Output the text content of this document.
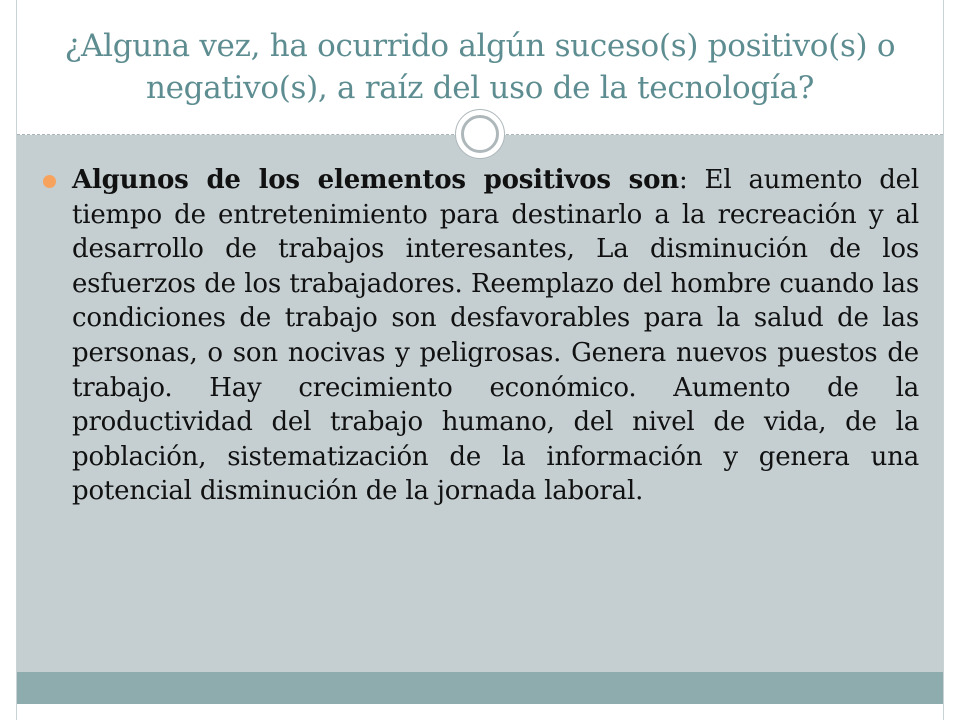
¿Alguna vez, ha ocurrido algún suceso(s) positivo(s) o negativo(s), a raíz del uso de la tecnología?
Algunos de los elementos positivos son: El aumento del tiempo de entretenimiento para destinarlo a la recreación y al desarrollo de trabajos interesantes, La disminución de los esfuerzos de los trabajadores. Reemplazo del hombre cuando las condiciones de trabajo son desfavorables para la salud de las personas, o son nocivas y peligrosas. Genera nuevos puestos de trabajo. Hay crecimiento económico. Aumento de la productividad del trabajo humano, del nivel de vida, de la población, sistematización de la información y genera una potencial disminución de la jornada laboral.
